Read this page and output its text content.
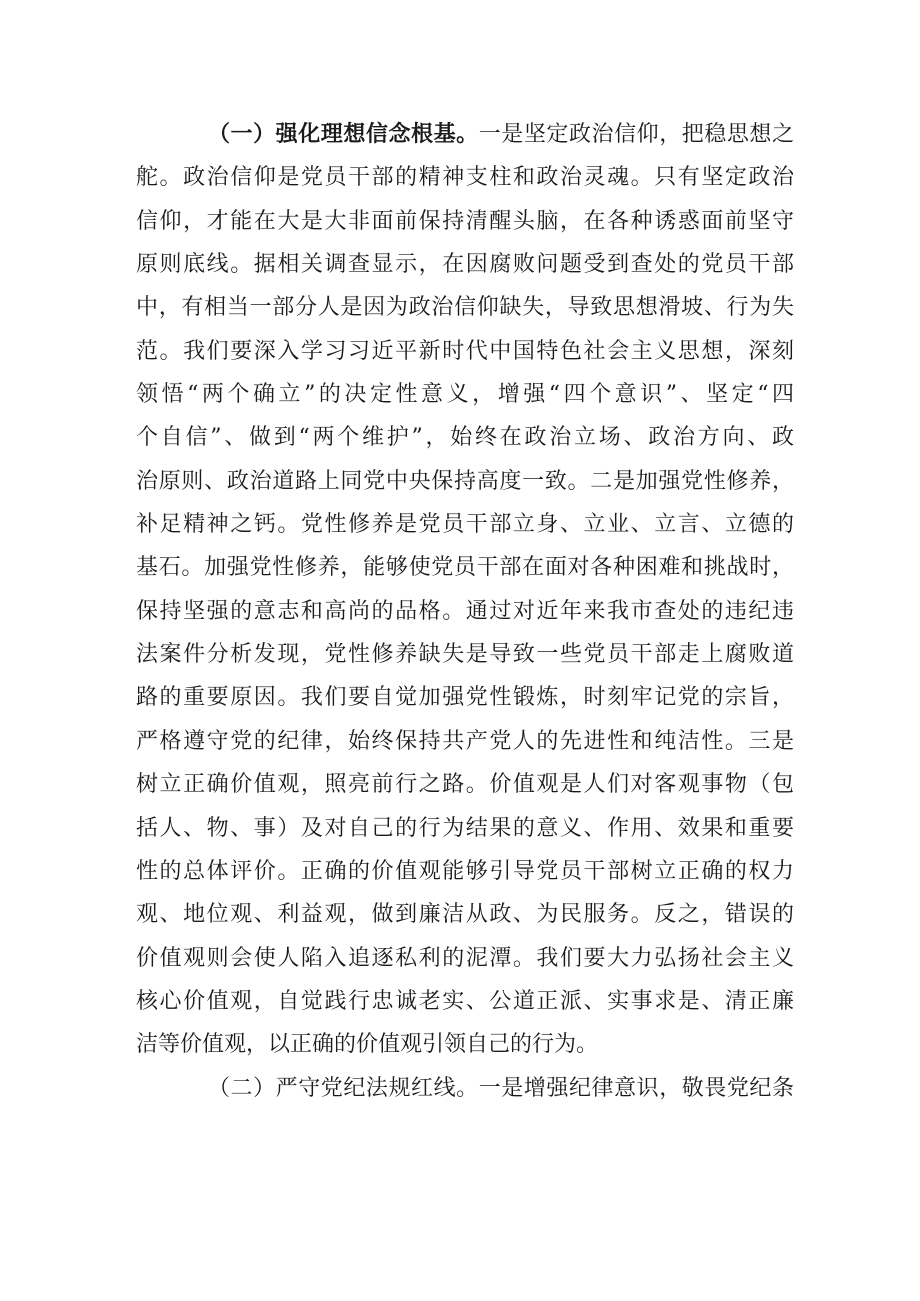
（一）强化理想信念根基。一是坚定政治信仰，把稳思想之
舵。政治信仰是党员干部的精神支柱和政治灵魂。只有坚定政治
信仰，才能在大是大非面前保持清醒头脑，在各种诱惑面前坚守
原则底线。据相关调查显示，在因腐败问题受到查处的党员干部
中，有相当一部分人是因为政治信仰缺失，导致思想滑坡、行为失
范。我们要深入学习习近平新时代中国特色社会主义思想，深刻
领悟“两个确立”的决定性意义，增强“四个意识”、坚定“四
个自信”、做到“两个维护”，始终在政治立场、政治方向、政
治原则、政治道路上同党中央保持高度一致。二是加强党性修养，
补足精神之钙。党性修养是党员干部立身、立业、立言、立德的
基石。加强党性修养，能够使党员干部在面对各种困难和挑战时，
保持坚强的意志和高尚的品格。通过对近年来我市查处的违纪违
法案件分析发现，党性修养缺失是导致一些党员干部走上腐败道
路的重要原因。我们要自觉加强党性锻炼，时刻牢记党的宗旨，
严格遵守党的纪律，始终保持共产党人的先进性和纯洁性。三是
树立正确价值观，照亮前行之路。价值观是人们对客观事物（包
括人、物、事）及对自己的行为结果的意义、作用、效果和重要
性的总体评价。正确的价值观能够引导党员干部树立正确的权力
观、地位观、利益观，做到廉洁从政、为民服务。反之，错误的
价值观则会使人陷入追逐私利的泥潭。我们要大力弘扬社会主义
核心价值观，自觉践行忠诚老实、公道正派、实事求是、清正廉
洁等价值观，以正确的价值观引领自己的行为。
（二）严守党纪法规红线。一是增强纪律意识，敬畏党纪条
